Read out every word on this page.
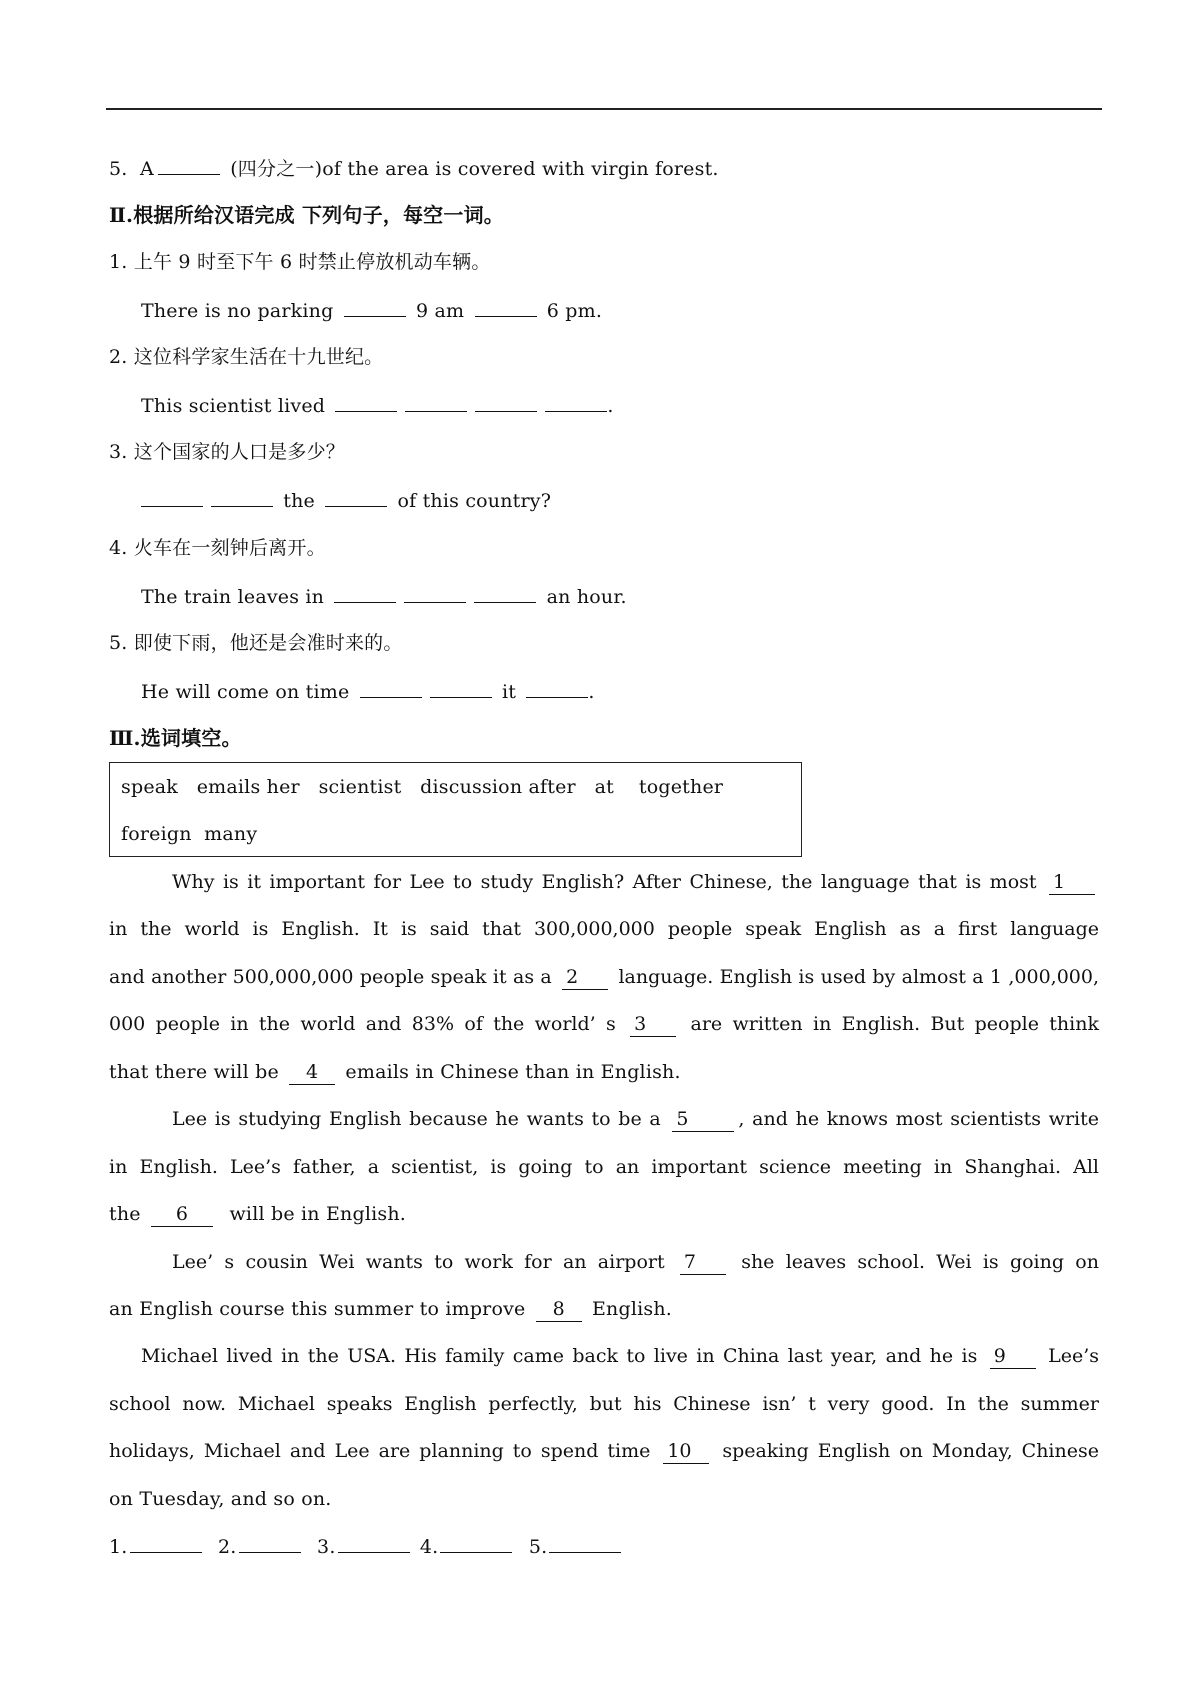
5. A	(四分之一)of the area is covered with virgin forest.
Ⅱ.根据所给汉语完成 下列句子，每空一词。
1. 上午 9 时至下午 6 时禁止停放机动车辆。
There is no parking	9 am	6 pm.
2. 这位科学家生活在十九世纪。
This scientist lived	.
3. 这个国家的人口是多少？
the	of this country?
4. 火车在一刻钟后离开。
The train leaves in	an hour.
5. 即使下雨，他还是会准时来的。
He will come on time	it	.
Ⅲ.选词填空。
speak emails her scientist discussion after at together
foreign many
Why is it important for Lee to study English? After Chinese, the language that is most 1
in the world is English. It is said that 300,000,000 people speak English as a first language
and another 500,000,000 people speak it as a 2 language. English is used by almost a 1 ,000,000,
000 people in the world and 83% of the world’ s 3 are written in English. But people think
that there will be 4 emails in Chinese than in English.
Lee is studying English because he wants to be a 5	, and he knows most scientists write
in English. Lee’s father, a scientist, is going to an important science meeting in Shanghai. All
the 6 will be in English.
Lee’ s cousin Wei wants to work for an airport 7 she leaves school. Wei is going on
an English course this summer to improve 8 English.
Michael lived in the USA. His family came back to live in China last year, and he is 9 Lee’s
school now. Michael speaks English perfectly, but his Chinese isn’ t very good. In the summer
holidays, Michael and Lee are planning to spend time 10 speaking English on Monday, Chinese
on Tuesday, and so on.
1.	2.	3.	4.	5.
